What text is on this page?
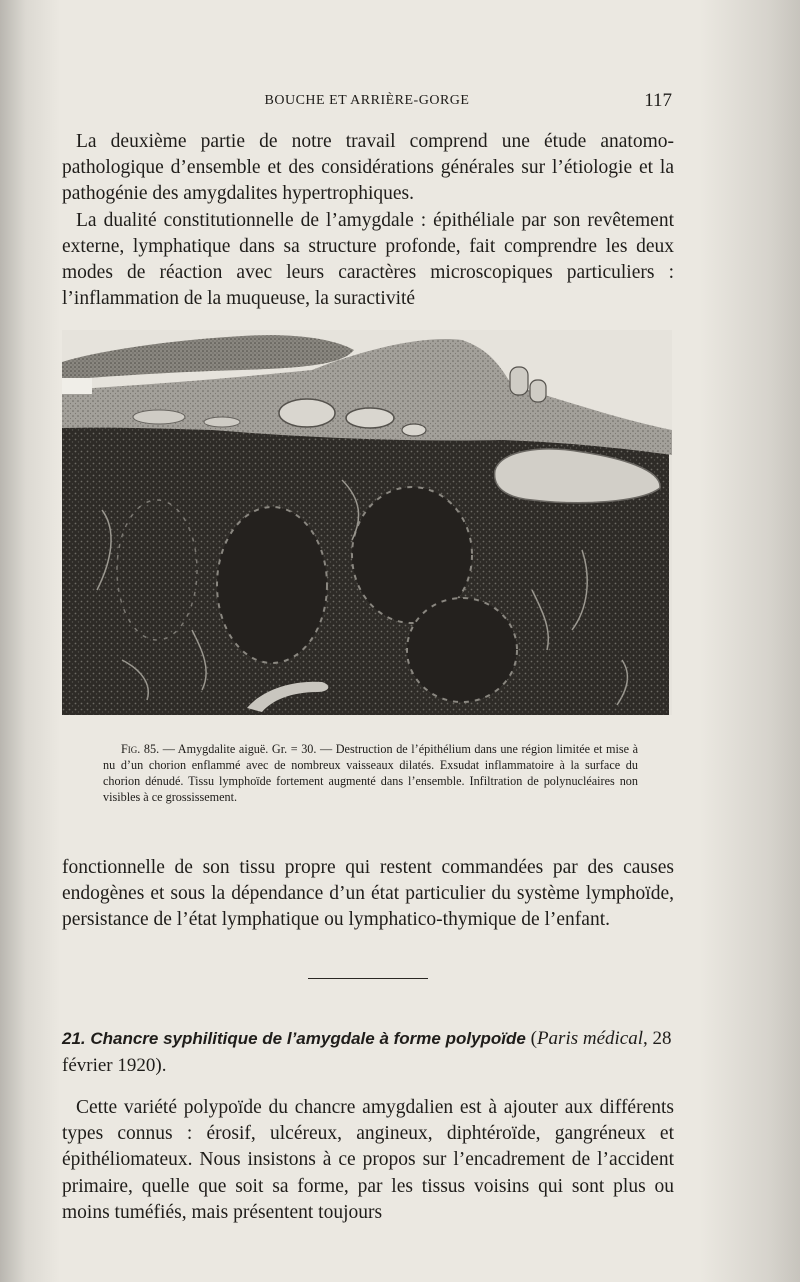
BOUCHE ET ARRIÈRE-GORGE	117

La deuxième partie de notre travail comprend une étude anatomo-pathologique d’ensemble et des considérations générales sur l’étiologie et la pathogénie des amygdalites hypertrophiques.

La dualité constitutionnelle de l’amygdale : épithéliale par son revêtement externe, lymphatique dans sa structure profonde, fait comprendre les deux modes de réaction avec leurs caractères microscopiques particuliers : l’inflammation de la muqueuse, la suractivité

Fig. 85. — Amygdalite aiguë. Gr. = 30. — Destruction de l’épithélium dans une région limitée et mise à nu d’un chorion enflammé avec de nombreux vaisseaux dilatés. Exsudat inflammatoire à la surface du chorion dénudé. Tissu lymphoïde fortement augmenté dans l’ensemble. Infiltration de polynucléaires non visibles à ce grossissement.

fonctionnelle de son tissu propre qui restent commandées par des causes endogènes et sous la dépendance d’un état particulier du système lymphoïde, persistance de l’état lymphatique ou lymphatico-thymique de l’enfant.

21. Chancre syphilitique de l’amygdale à forme polypoïde (Paris médical, 28 février 1920).

Cette variété polypoïde du chancre amygdalien est à ajouter aux différents types connus : érosif, ulcéreux, angineux, diphtéroïde, gangréneux et épithéliomateux. Nous insistons à ce propos sur l’encadrement de l’accident primaire, quelle que soit sa forme, par les tissus voisins qui sont plus ou moins tuméfiés, mais présentent toujours
